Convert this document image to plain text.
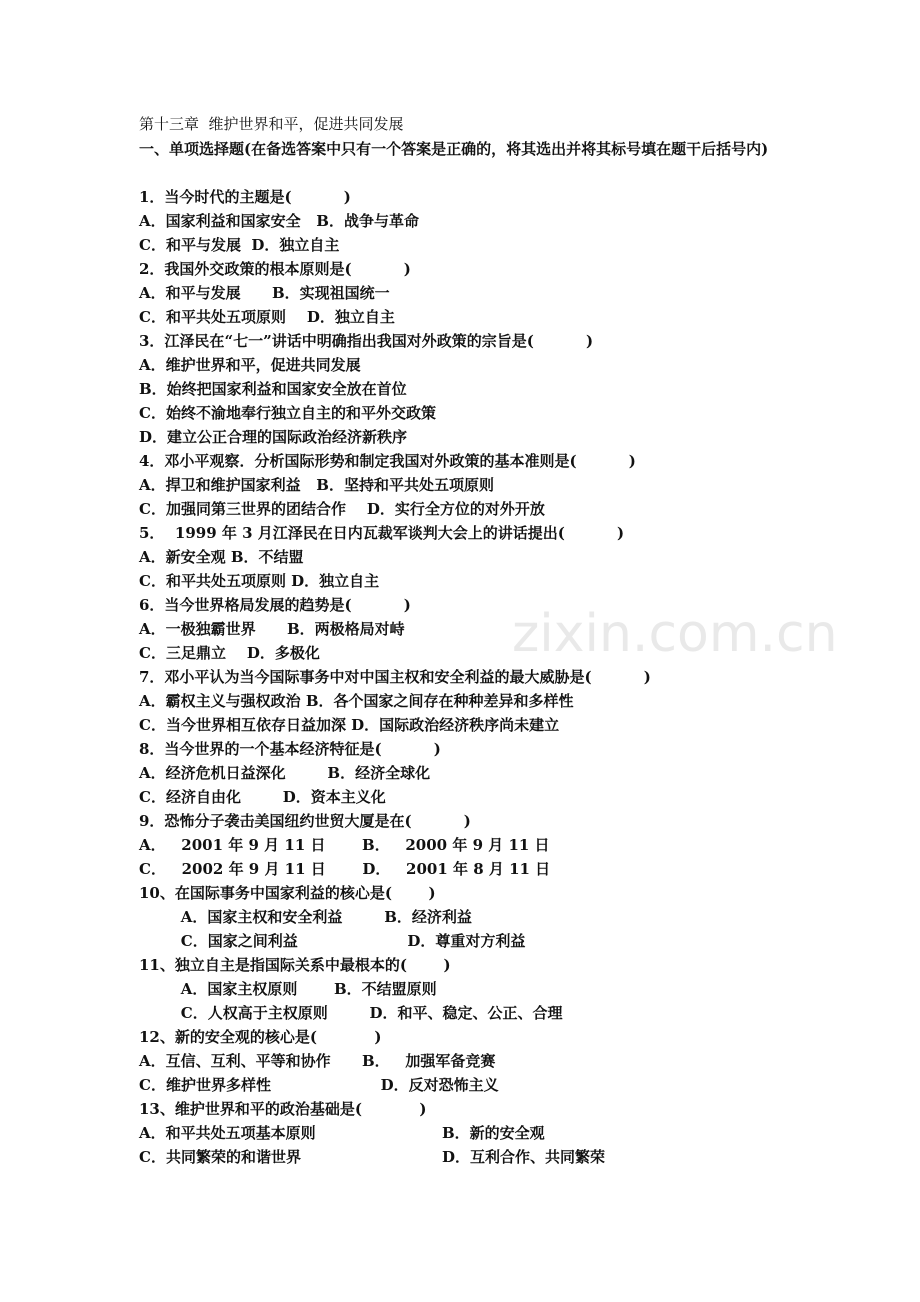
zixin.com.cn
第十三章  维护世界和平，促进共同发展
一、单项选择题(在备选答案中只有一个答案是正确的，将其选出并将其标号填在题干后括号内)
1．当今时代的主题是(          )
A．国家利益和国家安全   B．战争与革命
C．和平与发展  D．独立自主
2．我国外交政策的根本原则是(          )
A．和平与发展      B．实现祖国统一
C．和平共处五项原则    D．独立自主
3．江泽民在“七一”讲话中明确指出我国对外政策的宗旨是(          )
A．维护世界和平，促进共同发展
B．始终把国家利益和国家安全放在首位
C．始终不渝地奉行独立自主的和平外交政策
D．建立公正合理的国际政治经济新秩序
4．邓小平观察．分析国际形势和制定我国对外政策的基本准则是(          )
A．捍卫和维护国家利益   B．坚持和平共处五项原则
C．加强同第三世界的团结合作    D．实行全方位的对外开放
5．  1999 年 3 月江泽民在日内瓦裁军谈判大会上的讲话提出(          )
A．新安全观 B．不结盟
C．和平共处五项原则 D．独立自主
6．当今世界格局发展的趋势是(          )
A．一极独霸世界      B．两极格局对峙
C．三足鼎立    D．多极化
7．邓小平认为当今国际事务中对中国主权和安全利益的最大威胁是(          )
A．霸权主义与强权政治 B．各个国家之间存在种种差异和多样性
C．当今世界相互依存日益加深 D．国际政治经济秩序尚未建立
8．当今世界的一个基本经济特征是(          )
A．经济危机日益深化        B．经济全球化
C．经济自由化        D．资本主义化
9．恐怖分子袭击美国纽约世贸大厦是在(          )
A．   2001 年 9 月 11 日       B．   2000 年 9 月 11 日
C．   2002 年 9 月 11 日       D．   2001 年 8 月 11 日
10、在国际事务中国家利益的核心是(       )
A．国家主权和安全利益        B．经济利益
C．国家之间利益                     D．尊重对方利益
11、独立自主是指国际关系中最根本的(       )
A．国家主权原则       B．不结盟原则
C．人权高于主权原则        D．和平、稳定、公正、合理
12、新的安全观的核心是(           )
A．互信、互利、平等和协作      B．   加强军备竞赛
C．维护世界多样性                     D．反对恐怖主义
13、维护世界和平的政治基础是(           )
A．和平共处五项基本原则	B．新的安全观
C．共同繁荣的和谐世界	D．互利合作、共同繁荣
